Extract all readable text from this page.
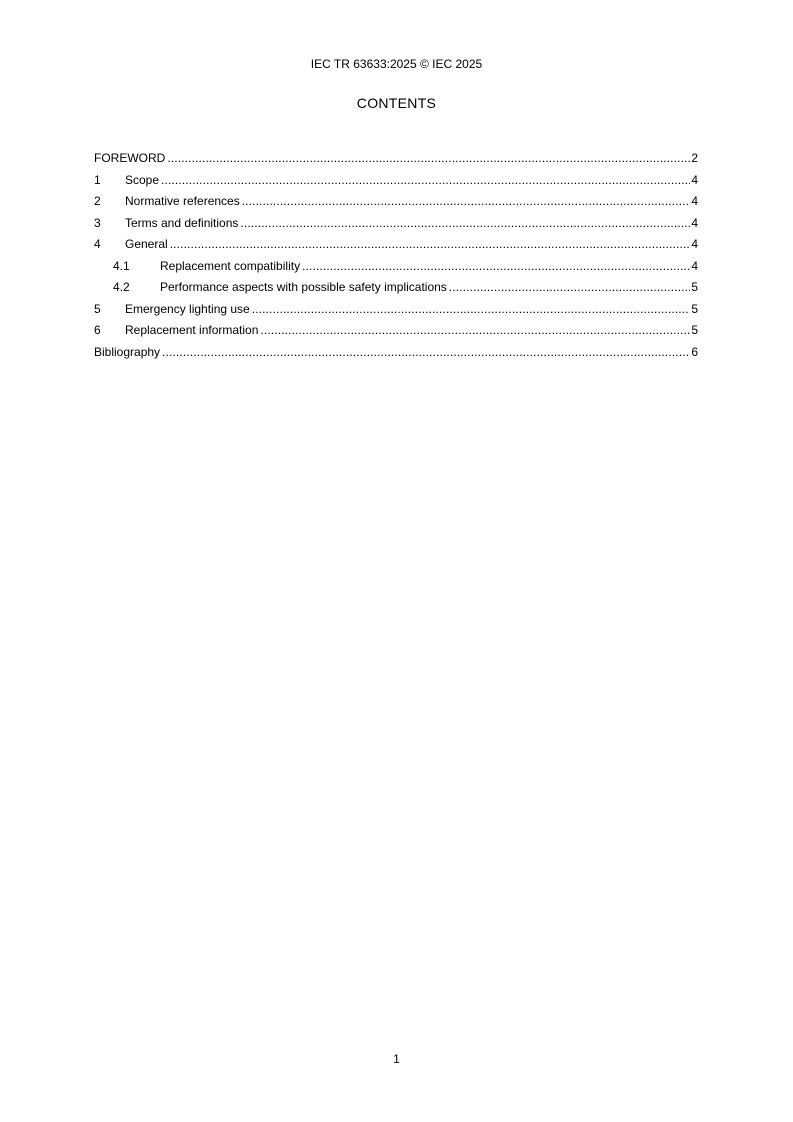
IEC TR 63633:2025 © IEC 2025
CONTENTS
FOREWORD . . .	2
1	Scope . . .	4
2	Normative references . . .	4
3	Terms and definitions . . .	4
4	General . . .	4
4.1	Replacement compatibility . . .	4
4.2	Performance aspects with possible safety implications . . .	5
5	Emergency lighting use . . .	5
6	Replacement information . . .	5
Bibliography . . .	6
1
